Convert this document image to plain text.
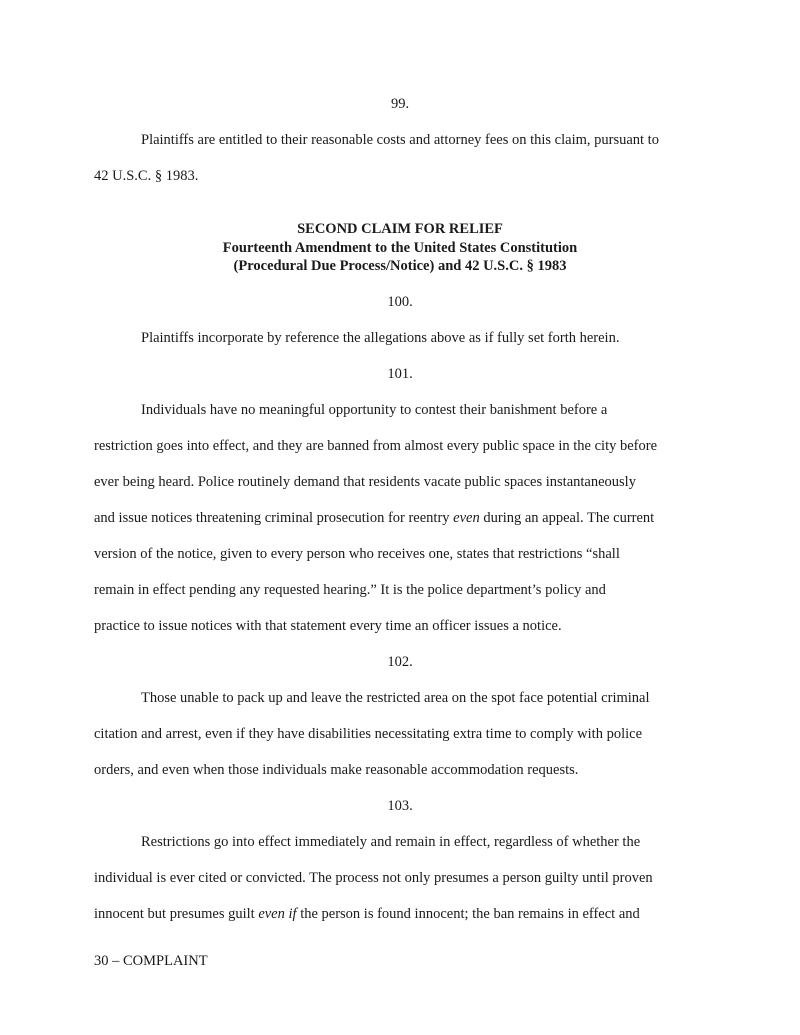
99.
Plaintiffs are entitled to their reasonable costs and attorney fees on this claim, pursuant to
42 U.S.C. § 1983.
SECOND CLAIM FOR RELIEF
Fourteenth Amendment to the United States Constitution
(Procedural Due Process/Notice) and 42 U.S.C. § 1983
100.
Plaintiffs incorporate by reference the allegations above as if fully set forth herein.
101.
Individuals have no meaningful opportunity to contest their banishment before a
restriction goes into effect, and they are banned from almost every public space in the city before
ever being heard. Police routinely demand that residents vacate public spaces instantaneously
and issue notices threatening criminal prosecution for reentry even during an appeal. The current
version of the notice, given to every person who receives one, states that restrictions “shall
remain in effect pending any requested hearing.” It is the police department’s policy and
practice to issue notices with that statement every time an officer issues a notice.
102.
Those unable to pack up and leave the restricted area on the spot face potential criminal
citation and arrest, even if they have disabilities necessitating extra time to comply with police
orders, and even when those individuals make reasonable accommodation requests.
103.
Restrictions go into effect immediately and remain in effect, regardless of whether the
individual is ever cited or convicted. The process not only presumes a person guilty until proven
innocent but presumes guilt even if the person is found innocent; the ban remains in effect and
30 – COMPLAINT
